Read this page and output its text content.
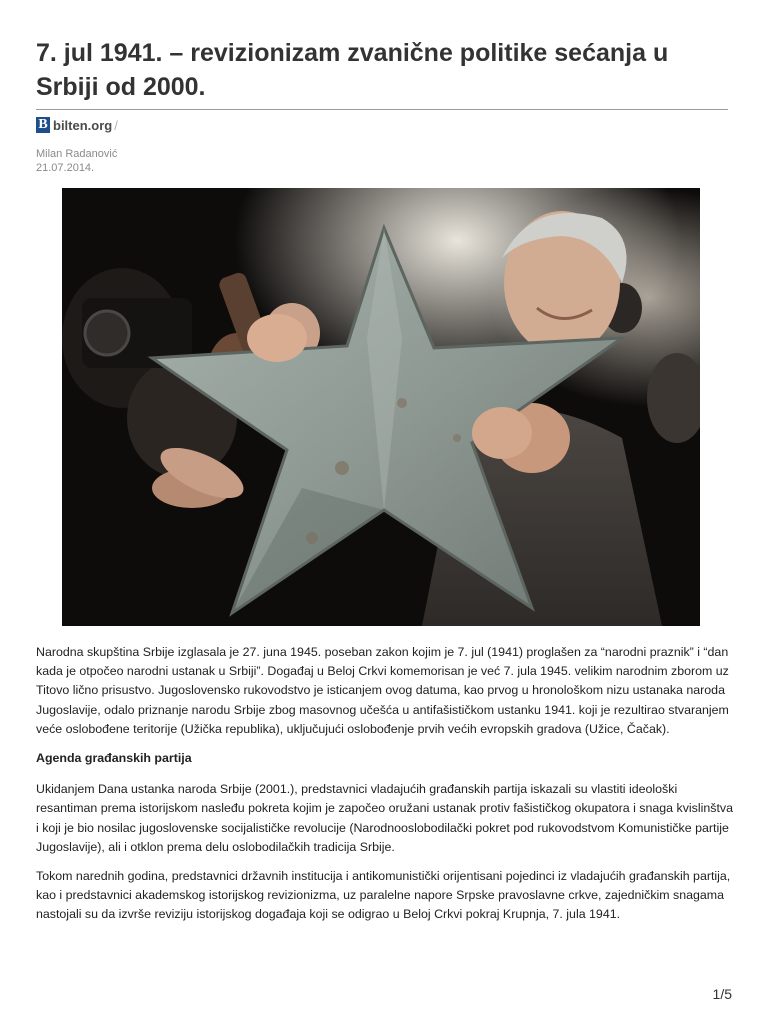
7. jul 1941. – revizionizam zvanične politike sećanja u Srbiji od 2000.
B bilten.org /
Milan Radanović
21.07.2014.

Narodna skupština Srbije izglasala je 27. juna 1945. poseban zakon kojim je 7. jul (1941) proglašen za “narodni praznik” i “dan kada je otpočeo narodni ustanak u Srbiji”. Događaj u Beloj Crkvi komemorisan je već 7. jula 1945. velikim narodnim zborom uz Titovo lično prisustvo. Jugoslovensko rukovodstvo je isticanjem ovog datuma, kao prvog u hronološkom nizu ustanaka naroda Jugoslavije, odalo priznanje narodu Srbije zbog masovnog učešća u antifašističkom ustanku 1941. koji je rezultirao stvaranjem veće oslobođene teritorije (Užička republika), uključujući oslobođenje prvih većih evropskih gradova (Užice, Čačak).

Agenda građanskih partija

Ukidanjem Dana ustanka naroda Srbije (2001.), predstavnici vladajućih građanskih partija iskazali su vlastiti ideološki resantiman prema istorijskom nasleđu pokreta kojim je započeo oružani ustanak protiv fašističkog okupatora i snaga kvislinštva i koji je bio nosilac jugoslovenske socijalističke revolucije (Narodnooslobodilački pokret pod rukovodstvom Komunističke partije Jugoslavije), ali i otklon prema delu oslobodilačkih tradicija Srbije.

Tokom narednih godina, predstavnici državnih institucija i antikomunistički orijentisani pojedinci iz vladajućih građanskih partija, kao i predstavnici akademskog istorijskog revizionizma, uz paralelne napore Srpske pravoslavne crkve, zajedničkim snagama nastojali su da izvrše reviziju istorijskog događaja koji se odigrao u Beloj Crkvi pokraj Krupnja, 7. jula 1941.

1/5
